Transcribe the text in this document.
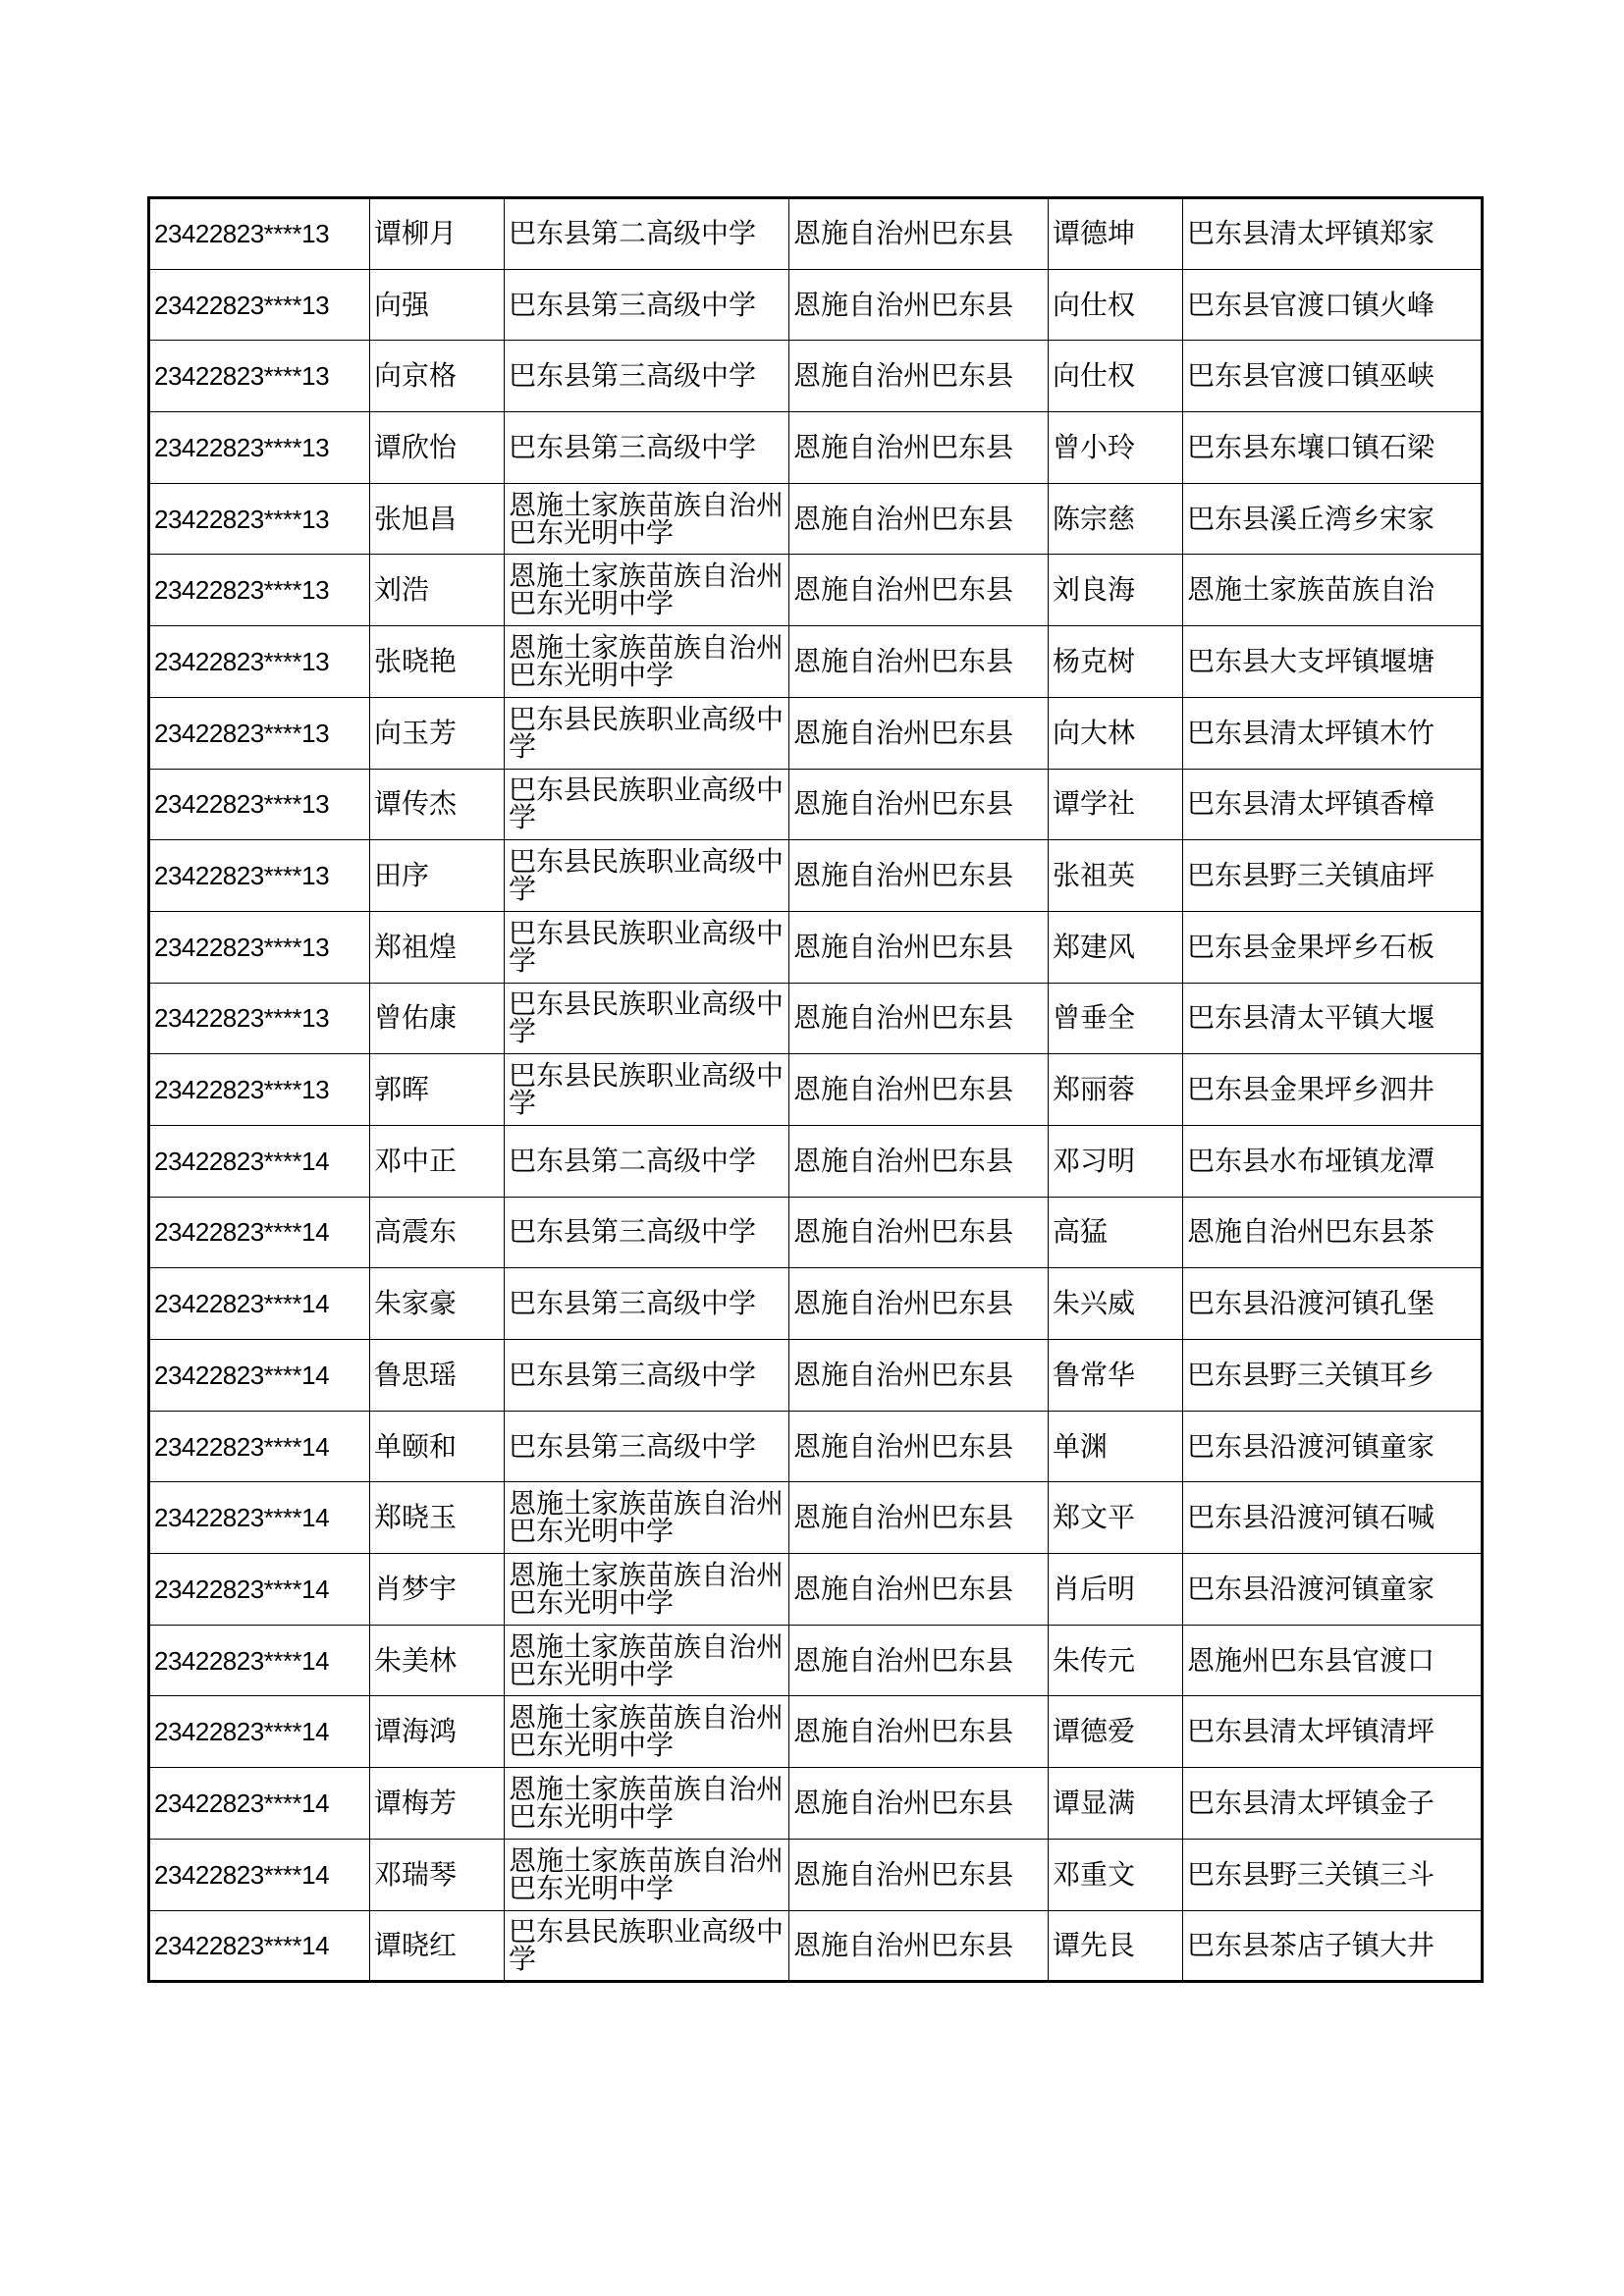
23422823****13	谭柳月	巴东县第二高级中学	恩施自治州巴东县	谭德坤	巴东县清太坪镇郑家
23422823****13	向强	巴东县第三高级中学	恩施自治州巴东县	向仕权	巴东县官渡口镇火峰
23422823****13	向京格	巴东县第三高级中学	恩施自治州巴东县	向仕权	巴东县官渡口镇巫峡
23422823****13	谭欣怡	巴东县第三高级中学	恩施自治州巴东县	曾小玲	巴东县东壤口镇石梁
23422823****13	张旭昌	恩施土家族苗族自治州巴东光明中学	恩施自治州巴东县	陈宗慈	巴东县溪丘湾乡宋家
23422823****13	刘浩	恩施土家族苗族自治州巴东光明中学	恩施自治州巴东县	刘良海	恩施土家族苗族自治
23422823****13	张晓艳	恩施土家族苗族自治州巴东光明中学	恩施自治州巴东县	杨克树	巴东县大支坪镇堰塘
23422823****13	向玉芳	巴东县民族职业高级中学	恩施自治州巴东县	向大林	巴东县清太坪镇木竹
23422823****13	谭传杰	巴东县民族职业高级中学	恩施自治州巴东县	谭学社	巴东县清太坪镇香樟
23422823****13	田序	巴东县民族职业高级中学	恩施自治州巴东县	张祖英	巴东县野三关镇庙坪
23422823****13	郑祖煌	巴东县民族职业高级中学	恩施自治州巴东县	郑建风	巴东县金果坪乡石板
23422823****13	曾佑康	巴东县民族职业高级中学	恩施自治州巴东县	曾垂全	巴东县清太平镇大堰
23422823****13	郭晖	巴东县民族职业高级中学	恩施自治州巴东县	郑丽蓉	巴东县金果坪乡泗井
23422823****14	邓中正	巴东县第二高级中学	恩施自治州巴东县	邓习明	巴东县水布垭镇龙潭
23422823****14	高震东	巴东县第三高级中学	恩施自治州巴东县	高猛	恩施自治州巴东县茶
23422823****14	朱家豪	巴东县第三高级中学	恩施自治州巴东县	朱兴威	巴东县沿渡河镇孔堡
23422823****14	鲁思瑶	巴东县第三高级中学	恩施自治州巴东县	鲁常华	巴东县野三关镇耳乡
23422823****14	单颐和	巴东县第三高级中学	恩施自治州巴东县	单渊	巴东县沿渡河镇童家
23422823****14	郑晓玉	恩施土家族苗族自治州巴东光明中学	恩施自治州巴东县	郑文平	巴东县沿渡河镇石喊
23422823****14	肖梦宇	恩施土家族苗族自治州巴东光明中学	恩施自治州巴东县	肖后明	巴东县沿渡河镇童家
23422823****14	朱美林	恩施土家族苗族自治州巴东光明中学	恩施自治州巴东县	朱传元	恩施州巴东县官渡口
23422823****14	谭海鸿	恩施土家族苗族自治州巴东光明中学	恩施自治州巴东县	谭德爱	巴东县清太坪镇清坪
23422823****14	谭梅芳	恩施土家族苗族自治州巴东光明中学	恩施自治州巴东县	谭显满	巴东县清太坪镇金子
23422823****14	邓瑞琴	恩施土家族苗族自治州巴东光明中学	恩施自治州巴东县	邓重文	巴东县野三关镇三斗
23422823****14	谭晓红	巴东县民族职业高级中学	恩施自治州巴东县	谭先艮	巴东县茶店子镇大井
